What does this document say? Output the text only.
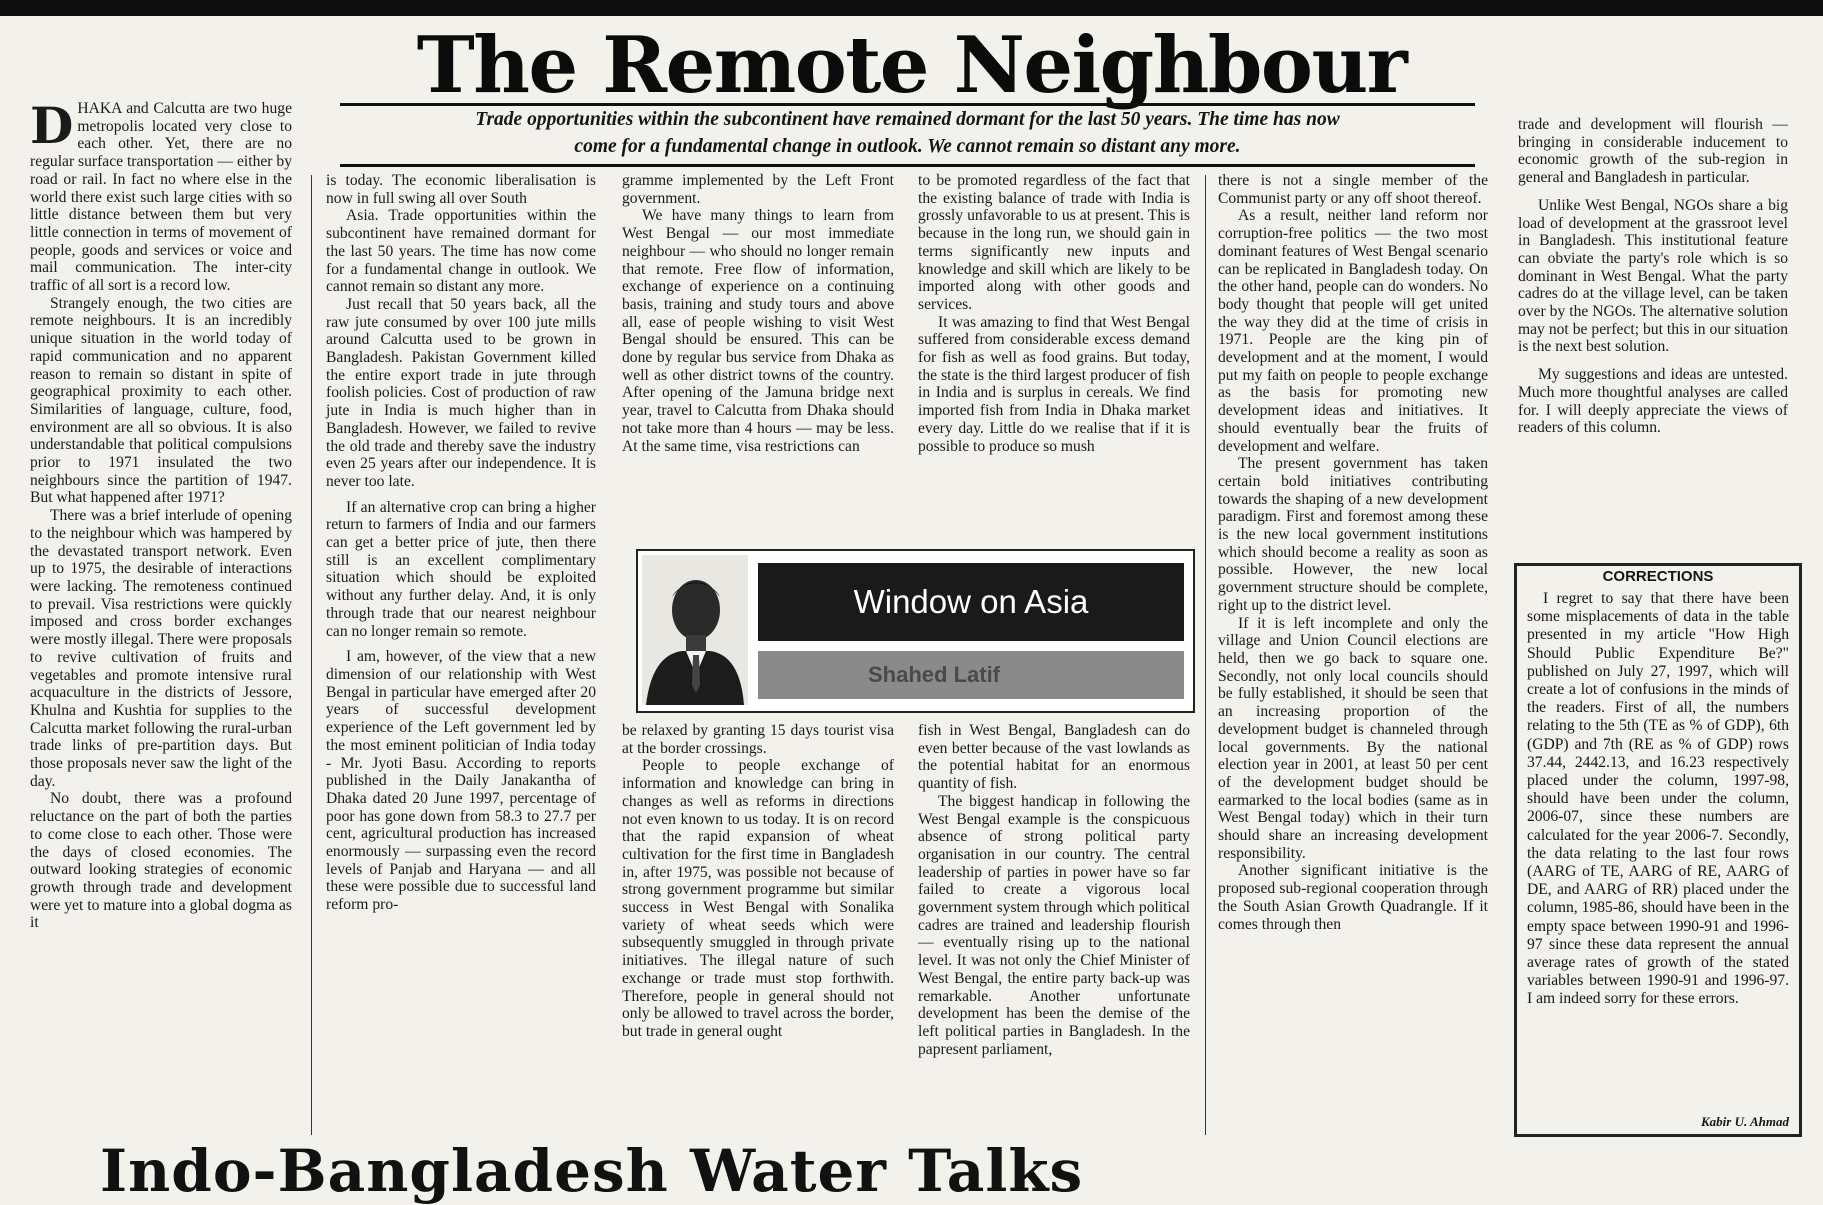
The Remote Neighbour
Trade opportunities within the subcontinent have remained dormant for the last 50 years. The time has now
come for a fundamental change in outlook. We cannot remain so distant any more.

DHAKA and Calcutta are two huge metropolis located very close to each other. Yet, there are no regular surface transportation — either by road or rail. In fact no where else in the world there exist such large cities with so little distance between them but very little connection in terms of movement of people, goods and services or voice and mail communication. The inter-city traffic of all sort is a record low.

Strangely enough, the two cities are remote neighbours. It is an incredibly unique situation in the world today of rapid communication and no apparent reason to remain so distant in spite of geographical proximity to each other. Similarities of language, culture, food, environment are all so obvious. It is also understandable that political compulsions prior to 1971 insulated the two neighbours since the partition of 1947. But what happened after 1971?

There was a brief interlude of opening to the neighbour which was hampered by the devastated transport network. Even up to 1975, the desirable of interactions were lacking. The remoteness continued to prevail. Visa restrictions were quickly imposed and cross border exchanges were mostly illegal. There were proposals to revive cultivation of fruits and vegetables and promote intensive rural acquaculture in the districts of Jessore, Khulna and Kushtia for supplies to the Calcutta market following the rural-urban trade links of pre-partition days. But those proposals never saw the light of the day.

No doubt, there was a profound reluctance on the part of both the parties to come close to each other. Those were the days of closed economies. The outward looking strategies of economic growth through trade and development were yet to mature into a global dogma as it

is today. The economic liberalisation is now in full swing all over South

Asia. Trade opportunities within the subcontinent have remained dormant for the last 50 years. The time has now come for a fundamental change in outlook. We cannot remain so distant any more.

Just recall that 50 years back, all the raw jute consumed by over 100 jute mills around Calcutta used to be grown in Bangladesh. Pakistan Government killed the entire export trade in jute through foolish policies. Cost of production of raw jute in India is much higher than in Bangladesh. However, we failed to revive the old trade and thereby save the industry even 25 years after our independence. It is never too late.

If an alternative crop can bring a higher return to farmers of India and our farmers can get a better price of jute, then there still is an excellent complimentary situation which should be exploited without any further delay. And, it is only through trade that our nearest neighbour can no longer remain so remote.

I am, however, of the view that a new dimension of our relationship with West Bengal in particular have emerged after 20 years of successful development experience of the Left government led by the most eminent politician of India today - Mr. Jyoti Basu. According to reports published in the Daily Janakantha of Dhaka dated 20 June 1997, percentage of poor has gone down from 58.3 to 27.7 per cent, agricultural production has increased enormously — surpassing even the record levels of Panjab and Haryana — and all these were possible due to successful land reform pro-

gramme implemented by the Left Front government.

We have many things to learn from West Bengal — our most immediate neighbour — who should no longer remain that remote. Free flow of information, exchange of experience on a continuing basis, training and study tours and above all, ease of people wishing to visit West Bengal should be ensured. This can be done by regular bus service from Dhaka as well as other district towns of the country. After opening of the Jamuna bridge next year, travel to Calcutta from Dhaka should not take more than 4 hours — may be less. At the same time, visa restrictions can

to be promoted regardless of the fact that the existing balance of trade with India is grossly unfavorable to us at present. This is because in the long run, we should gain in terms significantly new inputs and knowledge and skill which are likely to be imported along with other goods and services.

It was amazing to find that West Bengal suffered from considerable excess demand for fish as well as food grains. But today, the state is the third largest producer of fish in India and is surplus in cereals. We find imported fish from India in Dhaka market every day. Little do we realise that if it is possible to produce so mush

Window on Asia
Shahed Latif

be relaxed by granting 15 days tourist visa at the border crossings.

People to people exchange of information and knowledge can bring in changes as well as reforms in directions not even known to us today. It is on record that the rapid expansion of wheat cultivation for the first time in Bangladesh in, after 1975, was possible not because of strong government programme but similar success in West Bengal with Sonalika variety of wheat seeds which were subsequently smuggled in through private initiatives. The illegal nature of such exchange or trade must stop forthwith. Therefore, people in general should not only be allowed to travel across the border, but trade in general ought

fish in West Bengal, Bangladesh can do even better because of the vast lowlands as the potential habitat for an enormous quantity of fish.

The biggest handicap in following the West Bengal example is the conspicuous absence of strong political party organisation in our country. The central leadership of parties in power have so far failed to create a vigorous local government system through which political cadres are trained and leadership flourish — eventually rising up to the national level. It was not only the Chief Minister of West Bengal, the entire party back-up was remarkable. Another unfortunate development has been the demise of the left political parties in Bangladesh. In the papresent parliament,

there is not a single member of the Communist party or any off shoot thereof.

As a result, neither land reform nor corruption-free politics — the two most dominant features of West Bengal scenario can be replicated in Bangladesh today. On the other hand, people can do wonders. No body thought that people will get united the way they did at the time of crisis in 1971. People are the king pin of development and at the moment, I would put my faith on people to people exchange as the basis for promoting new development ideas and initiatives. It should eventually bear the fruits of development and welfare.

The present government has taken certain bold initiatives contributing towards the shaping of a new development paradigm. First and foremost among these is the new local government institutions which should become a reality as soon as possible. However, the new local government structure should be complete, right up to the district level.

If it is left incomplete and only the village and Union Council elections are held, then we go back to square one. Secondly, not only local councils should be fully established, it should be seen that an increasing proportion of the development budget is channeled through local governments. By the national election year in 2001, at least 50 per cent of the development budget should be earmarked to the local bodies (same as in West Bengal today) which in their turn should share an increasing development responsibility.

Another significant initiative is the proposed sub-regional cooperation through the South Asian Growth Quadrangle. If it comes through then

trade and development will flourish — bringing in considerable inducement to economic growth of the sub-region in general and Bangladesh in particular.

Unlike West Bengal, NGOs share a big load of development at the grassroot level in Bangladesh. This institutional feature can obviate the party's role which is so dominant in West Bengal. What the party cadres do at the village level, can be taken over by the NGOs. The alternative solution may not be perfect; but this in our situation is the next best solution.

My suggestions and ideas are untested. Much more thoughtful analyses are called for. I will deeply appreciate the views of readers of this column.

CORRECTIONS

I regret to say that there have been some misplacements of data in the table presented in my article "How High Should Public Expenditure Be?" published on July 27, 1997, which will create a lot of confusions in the minds of the readers. First of all, the numbers relating to the 5th (TE as % of GDP), 6th (GDP) and 7th (RE as % of GDP) rows 37.44, 2442.13, and 16.23 respectively placed under the column, 1997-98, should have been under the column, 2006-07, since these numbers are calculated for the year 2006-7. Secondly, the data relating to the last four rows (AARG of TE, AARG of RE, AARG of DE, and AARG of RR) placed under the column, 1985-86, should have been in the empty space between 1990-91 and 1996-97 since these data represent the annual average rates of growth of the stated variables between 1990-91 and 1996-97. I am indeed sorry for these errors.

Kabir U. Ahmad
Indo-Bangladesh Water Talks
